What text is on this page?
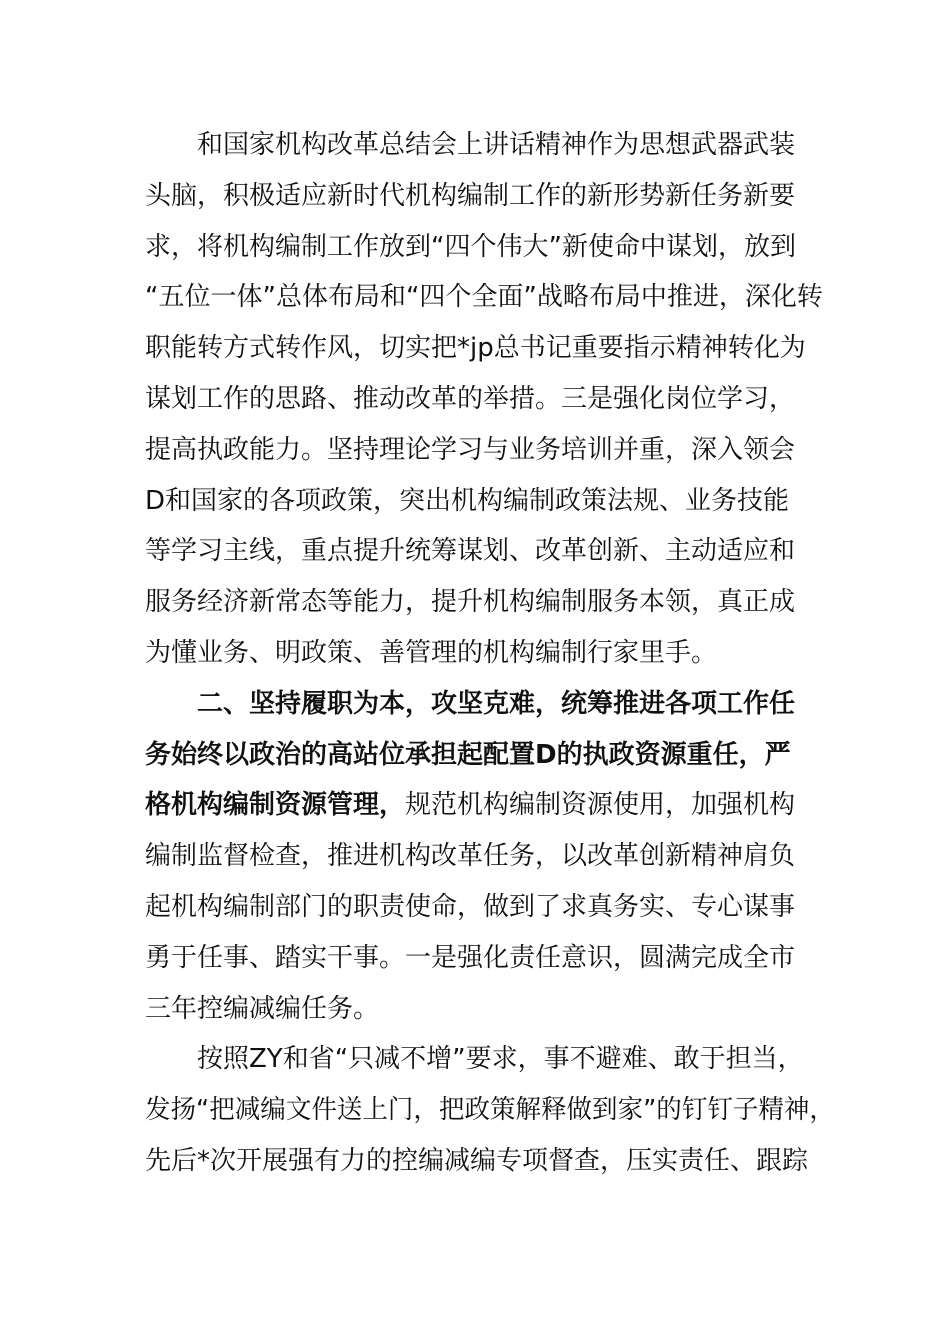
和国家机构改革总结会上讲话精神作为思想武器武装
头脑，积极适应新时代机构编制工作的新形势新任务新要
求，将机构编制工作放到“四个伟大”新使命中谋划，放到
“五位一体”总体布局和“四个全面”战略布局中推进，深化转
职能转方式转作风，切实把*jp总书记重要指示精神转化为
谋划工作的思路、推动改革的举措。三是强化岗位学习，
提高执政能力。坚持理论学习与业务培训并重，深入领会
D和国家的各项政策，突出机构编制政策法规、业务技能
等学习主线，重点提升统筹谋划、改革创新、主动适应和
服务经济新常态等能力，提升机构编制服务本领，真正成
为懂业务、明政策、善管理的机构编制行家里手。
二、坚持履职为本，攻坚克难，统筹推进各项工作任
务始终以政治的高站位承担起配置D的执政资源重任，严
格机构编制资源管理，规范机构编制资源使用，加强机构
编制监督检查，推进机构改革任务，以改革创新精神肩负
起机构编制部门的职责使命，做到了求真务实、专心谋事
勇于任事、踏实干事。一是强化责任意识，圆满完成全市
三年控编减编任务。
按照ZY和省“只减不增”要求，事不避难、敢于担当，
发扬“把减编文件送上门，把政策解释做到家”的钉钉子精神，
先后*次开展强有力的控编减编专项督查，压实责任、跟踪
